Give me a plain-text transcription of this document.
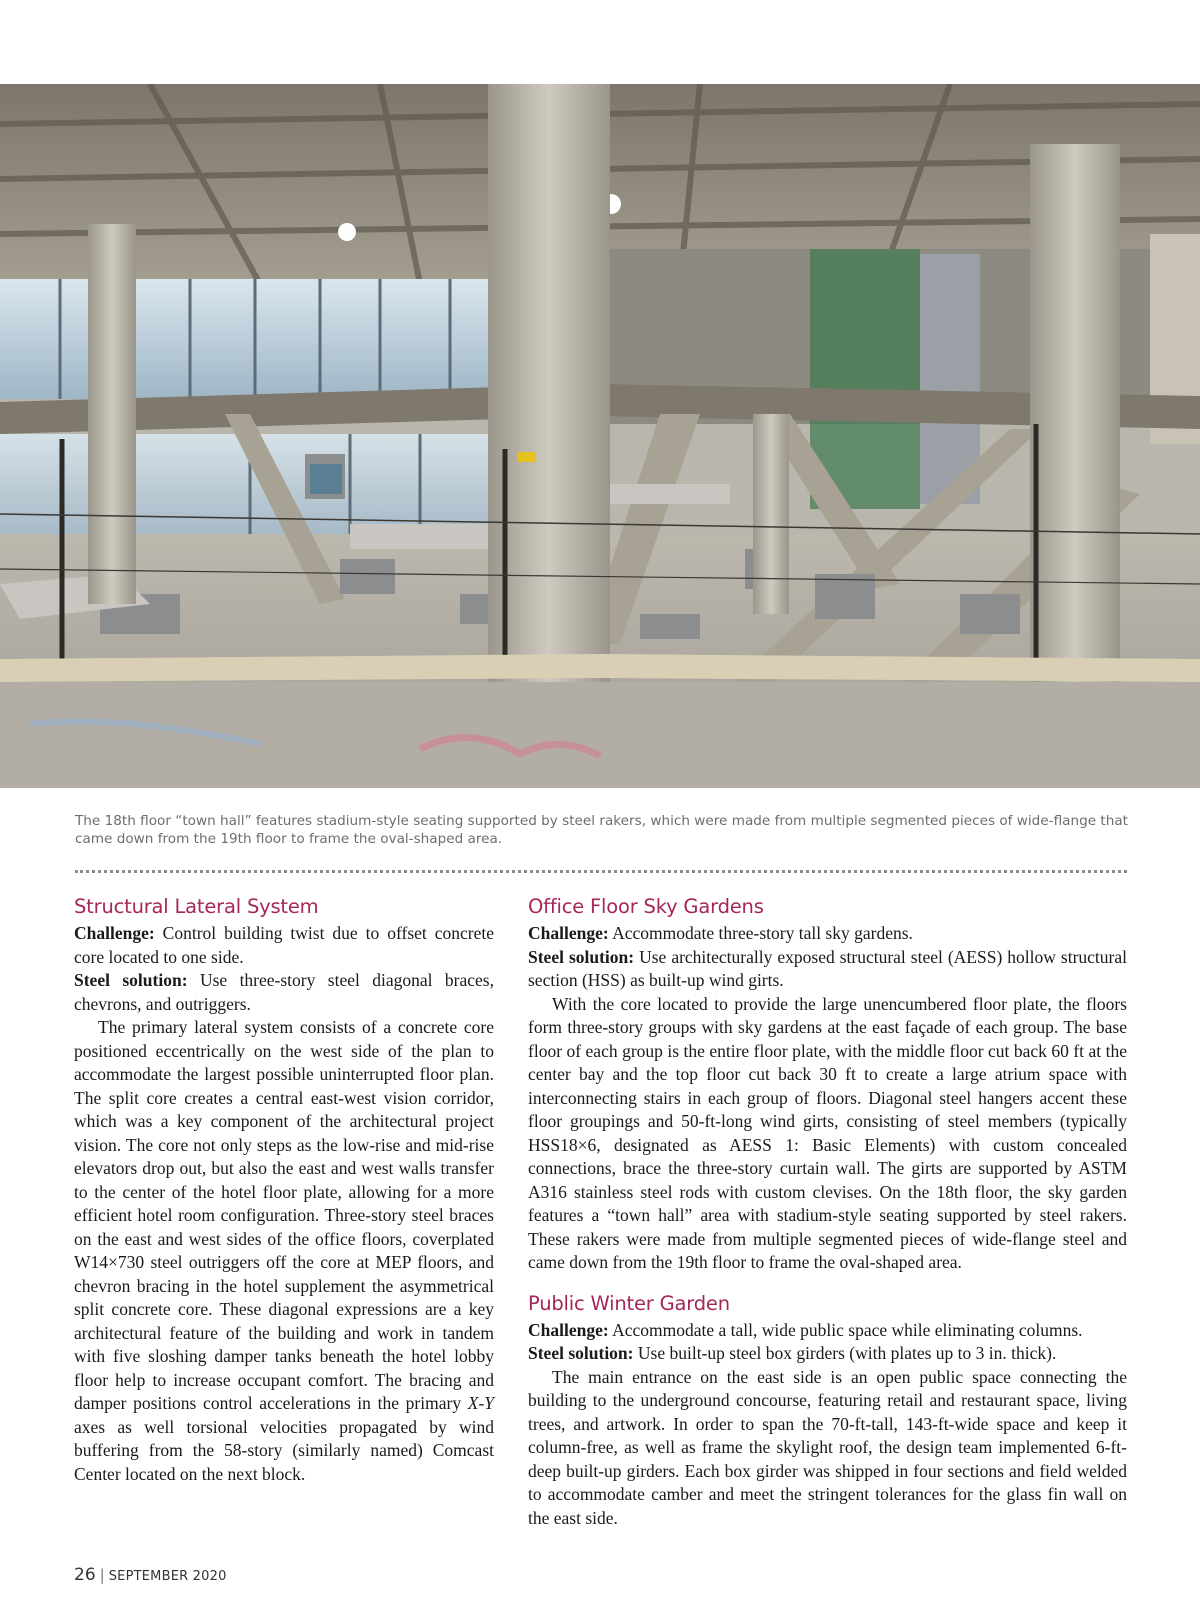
The 18th floor “town hall” features stadium-style seating supported by steel rakers, which were made from multiple segmented pieces of wide-flange that came down from the 19th floor to frame the oval-shaped area.

Structural Lateral System

Challenge: Control building twist due to offset concrete core located to one side.

Steel solution: Use three-story steel diagonal braces, chevrons, and outriggers.

The primary lateral system consists of a concrete core positioned eccentrically on the west side of the plan to accommodate the largest possible uninterrupted floor plan. The split core creates a central east-west vision corridor, which was a key component of the architectural project vision. The core not only steps as the low-rise and mid-rise elevators drop out, but also the east and west walls transfer to the center of the hotel floor plate, allowing for a more efficient hotel room configuration. Three-story steel braces on the east and west sides of the office floors, coverplated W14×730 steel outriggers off the core at MEP floors, and chevron bracing in the hotel supplement the asymmetrical split concrete core. These diagonal expressions are a key architectural feature of the building and work in tandem with five sloshing damper tanks beneath the hotel lobby floor help to increase occupant comfort. The bracing and damper positions control accelerations in the primary X-Y axes as well torsional velocities propagated by wind buffering from the 58-story (similarly named) Comcast Center located on the next block.

Office Floor Sky Gardens

Challenge: Accommodate three-story tall sky gardens.

Steel solution: Use architecturally exposed structural steel (AESS) hollow structural section (HSS) as built-up wind girts.

With the core located to provide the large unencumbered floor plate, the floors form three-story groups with sky gardens at the east façade of each group. The base floor of each group is the entire floor plate, with the middle floor cut back 60 ft at the center bay and the top floor cut back 30 ft to create a large atrium space with interconnecting stairs in each group of floors. Diagonal steel hangers accent these floor groupings and 50-ft-long wind girts, consisting of steel members (typically HSS18×6, designated as AESS 1: Basic Elements) with custom concealed connections, brace the three-story curtain wall. The girts are supported by ASTM A316 stainless steel rods with custom clevises. On the 18th floor, the sky garden features a “town hall” area with stadium-style seating supported by steel rakers. These rakers were made from multiple segmented pieces of wide-flange steel and came down from the 19th floor to frame the oval-shaped area.

Public Winter Garden

Challenge: Accommodate a tall, wide public space while eliminating columns.

Steel solution: Use built-up steel box girders (with plates up to 3 in. thick).

The main entrance on the east side is an open public space connecting the building to the underground concourse, featuring retail and restaurant space, living trees, and artwork. In order to span the 70-ft-tall, 143-ft-wide space and keep it column-free, as well as frame the skylight roof, the design team implemented 6-ft-deep built-up girders. Each box girder was shipped in four sections and field welded to accommodate camber and meet the stringent tolerances for the glass fin wall on the east side.

26 | SEPTEMBER 2020
